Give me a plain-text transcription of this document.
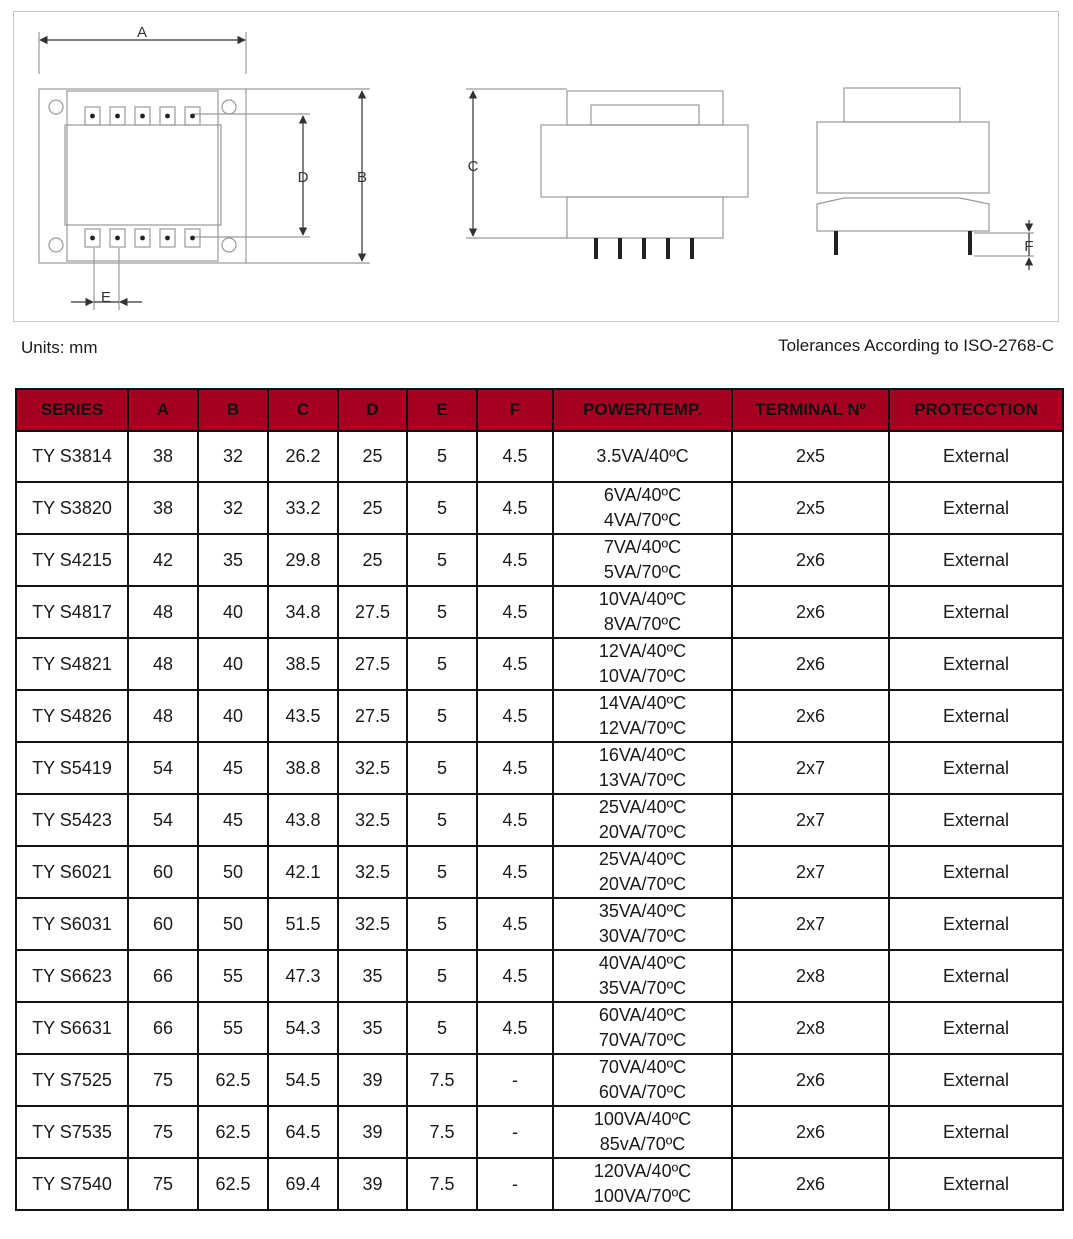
A
D	B
C
E
F
Units: mm	Tolerances According to ISO-2768-C
SERIES	A	B	C	D	E	F	POWER/TEMP.	TERMINAL Nº	PROTECCTION
TY S3814	38	32	26.2	25	5	4.5	3.5VA/40ºC	2x5	External
TY S3820	38	32	33.2	25	5	4.5	6VA/40ºC
4VA/70ºC	2x5	External
TY S4215	42	35	29.8	25	5	4.5	7VA/40ºC
5VA/70ºC	2x6	External
TY S4817	48	40	34.8	27.5	5	4.5	10VA/40ºC
8VA/70ºC	2x6	External
TY S4821	48	40	38.5	27.5	5	4.5	12VA/40ºC
10VA/70ºC	2x6	External
TY S4826	48	40	43.5	27.5	5	4.5	14VA/40ºC
12VA/70ºC	2x6	External
TY S5419	54	45	38.8	32.5	5	4.5	16VA/40ºC
13VA/70ºC	2x7	External
TY S5423	54	45	43.8	32.5	5	4.5	25VA/40ºC
20VA/70ºC	2x7	External
TY S6021	60	50	42.1	32.5	5	4.5	25VA/40ºC
20VA/70ºC	2x7	External
TY S6031	60	50	51.5	32.5	5	4.5	35VA/40ºC
30VA/70ºC	2x7	External
TY S6623	66	55	47.3	35	5	4.5	40VA/40ºC
35VA/70ºC	2x8	External
TY S6631	66	55	54.3	35	5	4.5	60VA/40ºC
70VA/70ºC	2x8	External
TY S7525	75	62.5	54.5	39	7.5	-	70VA/40ºC
60VA/70ºC	2x6	External
TY S7535	75	62.5	64.5	39	7.5	-	100VA/40ºC
85vA/70ºC	2x6	External
TY S7540	75	62.5	69.4	39	7.5	-	120VA/40ºC
100VA/70ºC	2x6	External
